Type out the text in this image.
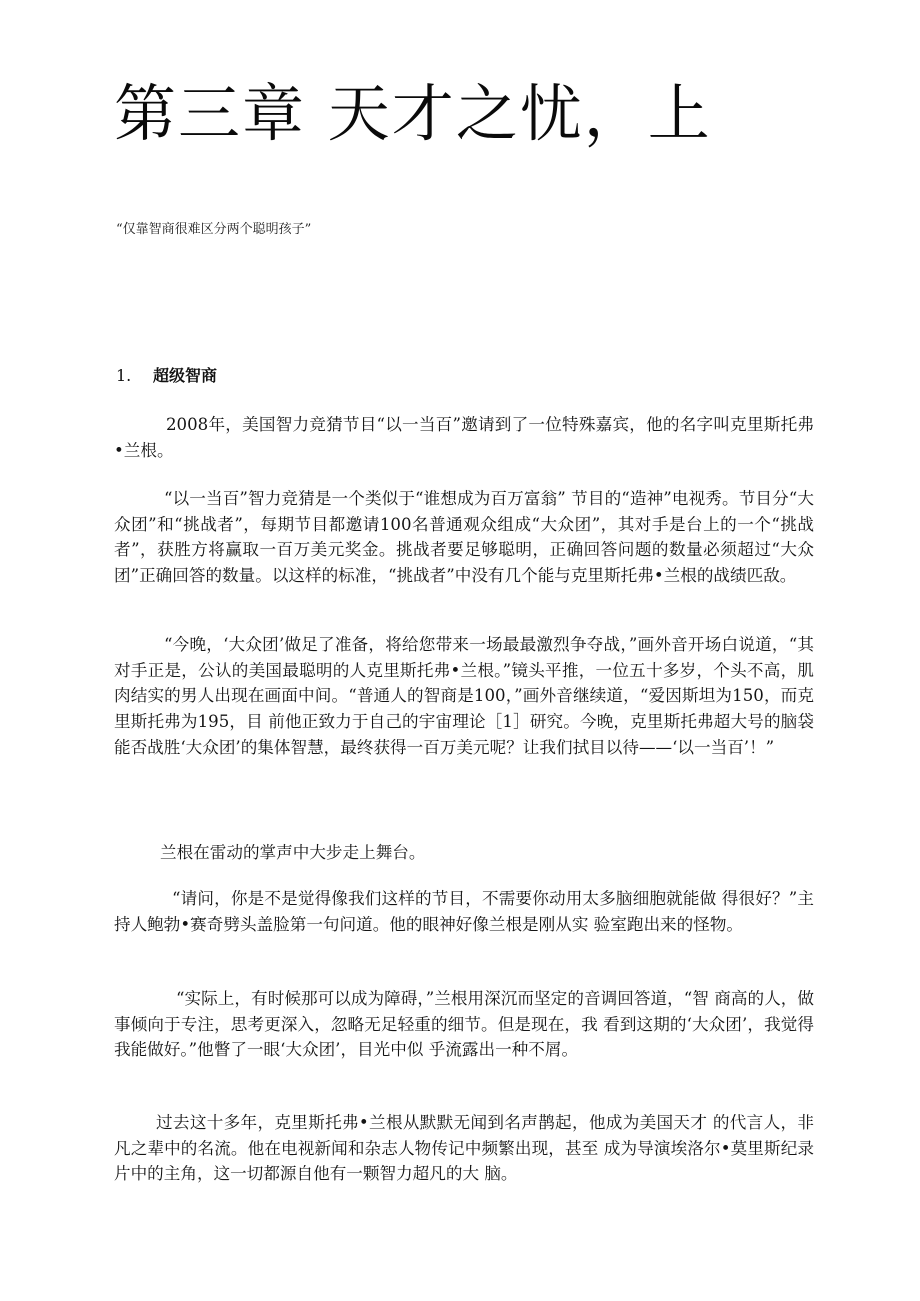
第三章 天才之忧，上

“仅靠智商很难区分两个聪明孩子”

1. 超级智商

2008年，美国智力竞猜节目“以一当百”邀请到了一位特殊嘉宾，他的名字叫克里斯托弗•兰根。

“以一当百”智力竞猜是一个类似于“谁想成为百万富翁” 节目的“造神”电视秀。节目分“大众团”和“挑战者”，每期节目都邀请100名普通观众组成“大众团”，其对手是台上的一个“挑战者”，获胜方将赢取一百万美元奖金。挑战者要足够聪明，正确回答问题的数量必须超过“大众团”正确回答的数量。以这样的标准，“挑战者”中没有几个能与克里斯托弗•兰根的战绩匹敌。

“今晚，‘大众团’做足了准备，将给您带来一场最最激烈争夺战，”画外音开场白说道，“其对手正是，公认的美国最聪明的人克里斯托弗•兰根。”镜头平推，一位五十多岁，个头不高，肌肉结实的男人出现在画面中间。“普通人的智商是100，”画外音继续道，“爱因斯坦为150，而克里斯托弗为195，目 前他正致力于自己的宇宙理论［1］研究。今晚，克里斯托弗超大号的脑袋能否战胜‘大众团’的集体智慧，最终获得一百万美元呢？让我们拭目以待——‘以一当百’！”

兰根在雷动的掌声中大步走上舞台。

“请问，你是不是觉得像我们这样的节目，不需要你动用太多脑细胞就能做 得很好？”主持人鲍勃•赛奇劈头盖脸第一句问道。他的眼神好像兰根是刚从实 验室跑出来的怪物。

“实际上，有时候那可以成为障碍，”兰根用深沉而坚定的音调回答道，“智 商高的人，做事倾向于专注，思考更深入，忽略无足轻重的细节。但是现在，我 看到这期的‘大众团’，我觉得我能做好。”他瞥了一眼‘大众团’，目光中似 乎流露出一种不屑。

过去这十多年，克里斯托弗•兰根从默默无闻到名声鹊起，他成为美国天才 的代言人，非凡之辈中的名流。他在电视新闻和杂志人物传记中频繁出现，甚至 成为导演埃洛尔•莫里斯纪录片中的主角，这一切都源自他有一颗智力超凡的大 脑。
